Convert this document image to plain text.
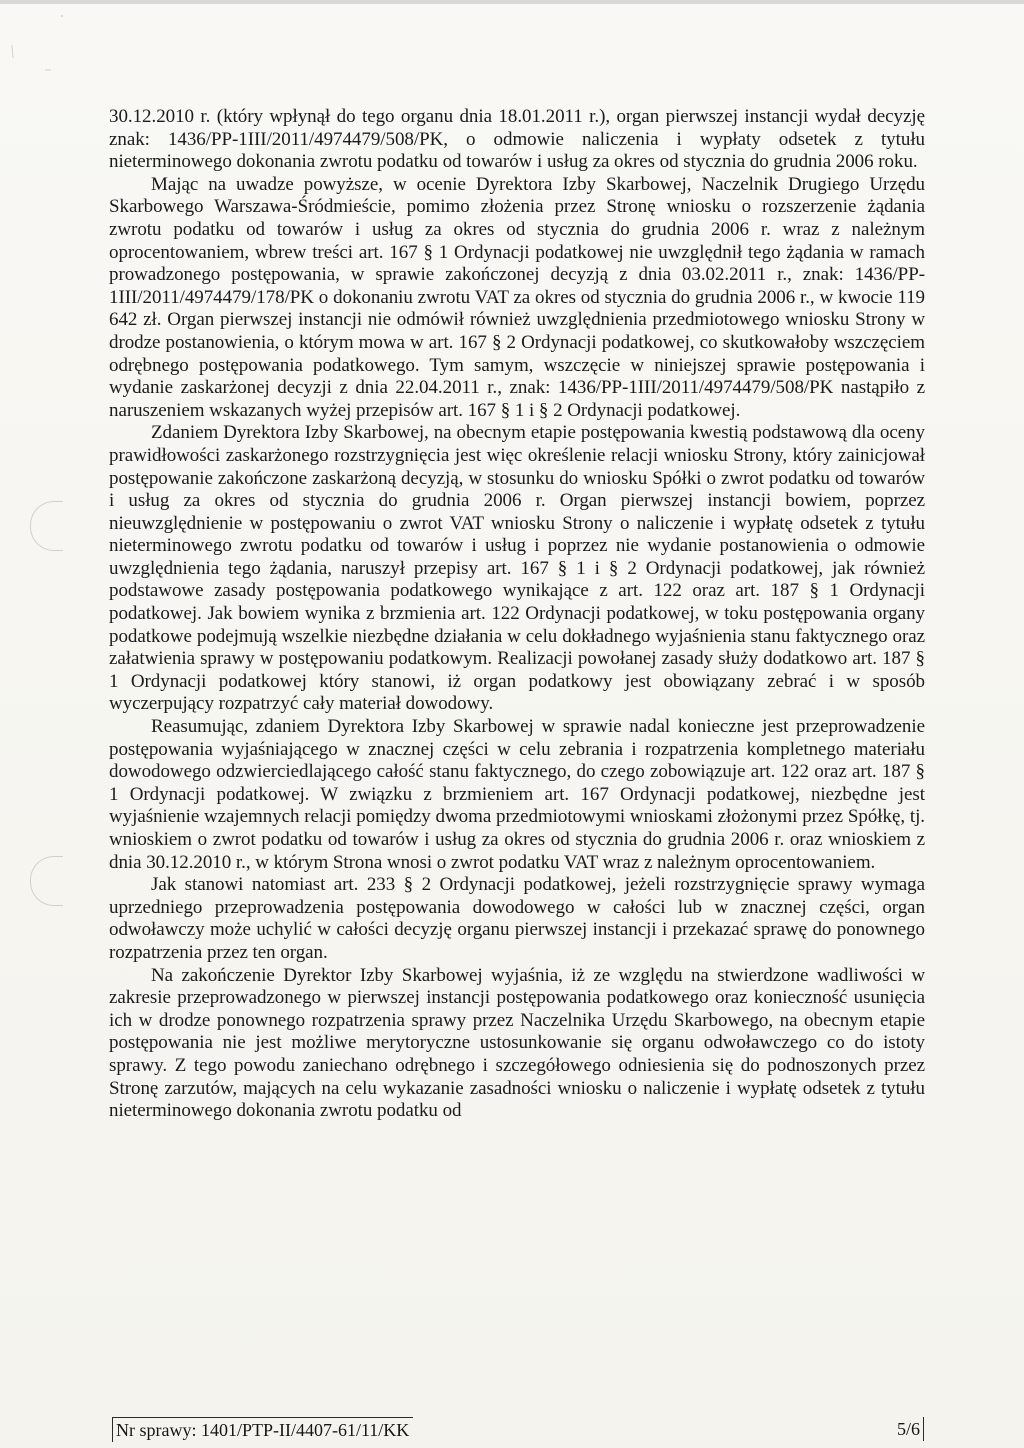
30.12.2010 r. (który wpłynął do tego organu dnia 18.01.2011 r.), organ pierwszej instancji wydał decyzję znak: 1436/PP-1III/2011/4974479/508/PK, o odmowie naliczenia i wypłaty odsetek z tytułu nieterminowego dokonania zwrotu podatku od towarów i usług za okres od stycznia do grudnia 2006 roku.

Mając na uwadze powyższe, w ocenie Dyrektora Izby Skarbowej, Naczelnik Drugiego Urzędu Skarbowego Warszawa-Śródmieście, pomimo złożenia przez Stronę wniosku o rozszerzenie żądania zwrotu podatku od towarów i usług za okres od stycznia do grudnia 2006 r. wraz z należnym oprocentowaniem, wbrew treści art. 167 § 1 Ordynacji podatkowej nie uwzględnił tego żądania w ramach prowadzonego postępowania, w sprawie zakończonej decyzją z dnia 03.02.2011 r., znak: 1436/PP-1III/2011/4974479/178/PK o dokonaniu zwrotu VAT za okres od stycznia do grudnia 2006 r., w kwocie 119 642 zł. Organ pierwszej instancji nie odmówił również uwzględnienia przedmiotowego wniosku Strony w drodze postanowienia, o którym mowa w art. 167 § 2 Ordynacji podatkowej, co skutkowałoby wszczęciem odrębnego postępowania podatkowego. Tym samym, wszczęcie w niniejszej sprawie postępowania i wydanie zaskarżonej decyzji z dnia 22.04.2011 r., znak: 1436/PP-1III/2011/4974479/508/PK nastąpiło z naruszeniem wskazanych wyżej przepisów art. 167 § 1 i § 2 Ordynacji podatkowej.

Zdaniem Dyrektora Izby Skarbowej, na obecnym etapie postępowania kwestią podstawową dla oceny prawidłowości zaskarżonego rozstrzygnięcia jest więc określenie relacji wniosku Strony, który zainicjował postępowanie zakończone zaskarżoną decyzją, w stosunku do wniosku Spółki o zwrot podatku od towarów i usług za okres od stycznia do grudnia 2006 r. Organ pierwszej instancji bowiem, poprzez nieuwzględnienie w postępowaniu o zwrot VAT wniosku Strony o naliczenie i wypłatę odsetek z tytułu nieterminowego zwrotu podatku od towarów i usług i poprzez nie wydanie postanowienia o odmowie uwzględnienia tego żądania, naruszył przepisy art. 167 § 1 i § 2 Ordynacji podatkowej, jak również podstawowe zasady postępowania podatkowego wynikające z art. 122 oraz art. 187 § 1 Ordynacji podatkowej. Jak bowiem wynika z brzmienia art. 122 Ordynacji podatkowej, w toku postępowania organy podatkowe podejmują wszelkie niezbędne działania w celu dokładnego wyjaśnienia stanu faktycznego oraz załatwienia sprawy w postępowaniu podatkowym. Realizacji powołanej zasady służy dodatkowo art. 187 § 1 Ordynacji podatkowej który stanowi, iż organ podatkowy jest obowiązany zebrać i w sposób wyczerpujący rozpatrzyć cały materiał dowodowy.

Reasumując, zdaniem Dyrektora Izby Skarbowej w sprawie nadal konieczne jest przeprowadzenie postępowania wyjaśniającego w znacznej części w celu zebrania i rozpatrzenia kompletnego materiału dowodowego odzwierciedlającego całość stanu faktycznego, do czego zobowiązuje art. 122 oraz art. 187 § 1 Ordynacji podatkowej. W związku z brzmieniem art. 167 Ordynacji podatkowej, niezbędne jest wyjaśnienie wzajemnych relacji pomiędzy dwoma przedmiotowymi wnioskami złożonymi przez Spółkę, tj. wnioskiem o zwrot podatku od towarów i usług za okres od stycznia do grudnia 2006 r. oraz wnioskiem z dnia 30.12.2010 r., w którym Strona wnosi o zwrot podatku VAT wraz z należnym oprocentowaniem.

Jak stanowi natomiast art. 233 § 2 Ordynacji podatkowej, jeżeli rozstrzygnięcie sprawy wymaga uprzedniego przeprowadzenia postępowania dowodowego w całości lub w znacznej części, organ odwoławczy może uchylić w całości decyzję organu pierwszej instancji i przekazać sprawę do ponownego rozpatrzenia przez ten organ.

Na zakończenie Dyrektor Izby Skarbowej wyjaśnia, iż ze względu na stwierdzone wadliwości w zakresie przeprowadzonego w pierwszej instancji postępowania podatkowego oraz konieczność usunięcia ich w drodze ponownego rozpatrzenia sprawy przez Naczelnika Urzędu Skarbowego, na obecnym etapie postępowania nie jest możliwe merytoryczne ustosunkowanie się organu odwoławczego co do istoty sprawy. Z tego powodu zaniechano odrębnego i szczegółowego odniesienia się do podnoszonych przez Stronę zarzutów, mających na celu wykazanie zasadności wniosku o naliczenie i wypłatę odsetek z tytułu nieterminowego dokonania zwrotu podatku od

Nr sprawy: 1401/PTP-II/4407-61/11/KK	5/6
